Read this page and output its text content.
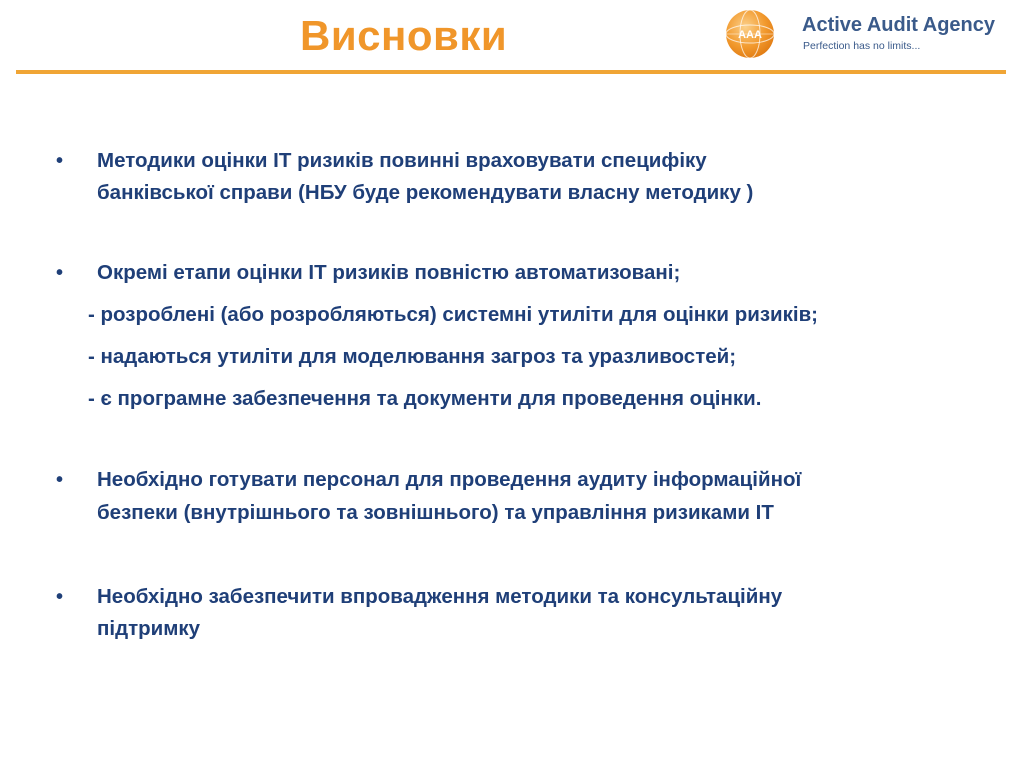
Висновки	AAA Active Audit Agency
Perfection has no limits...
• Методики оцінки ІТ ризиків повинні враховувати специфіку
банківської справи (НБУ буде рекомендувати власну методику )
• Окремі етапи оцінки ІТ ризиків повністю автоматизовані;
- розроблені (або розробляються) системні утиліти для оцінки ризиків;
- надаються утиліти для моделювання загроз та уразливостей;
- є програмне забезпечення та документи для проведення оцінки.
• Необхідно готувати персонал для проведення аудиту інформаційної
безпеки (внутрішнього та зовнішнього) та управління ризиками ІТ
• Необхідно забезпечити впровадження методики та консультаційну
підтримку
